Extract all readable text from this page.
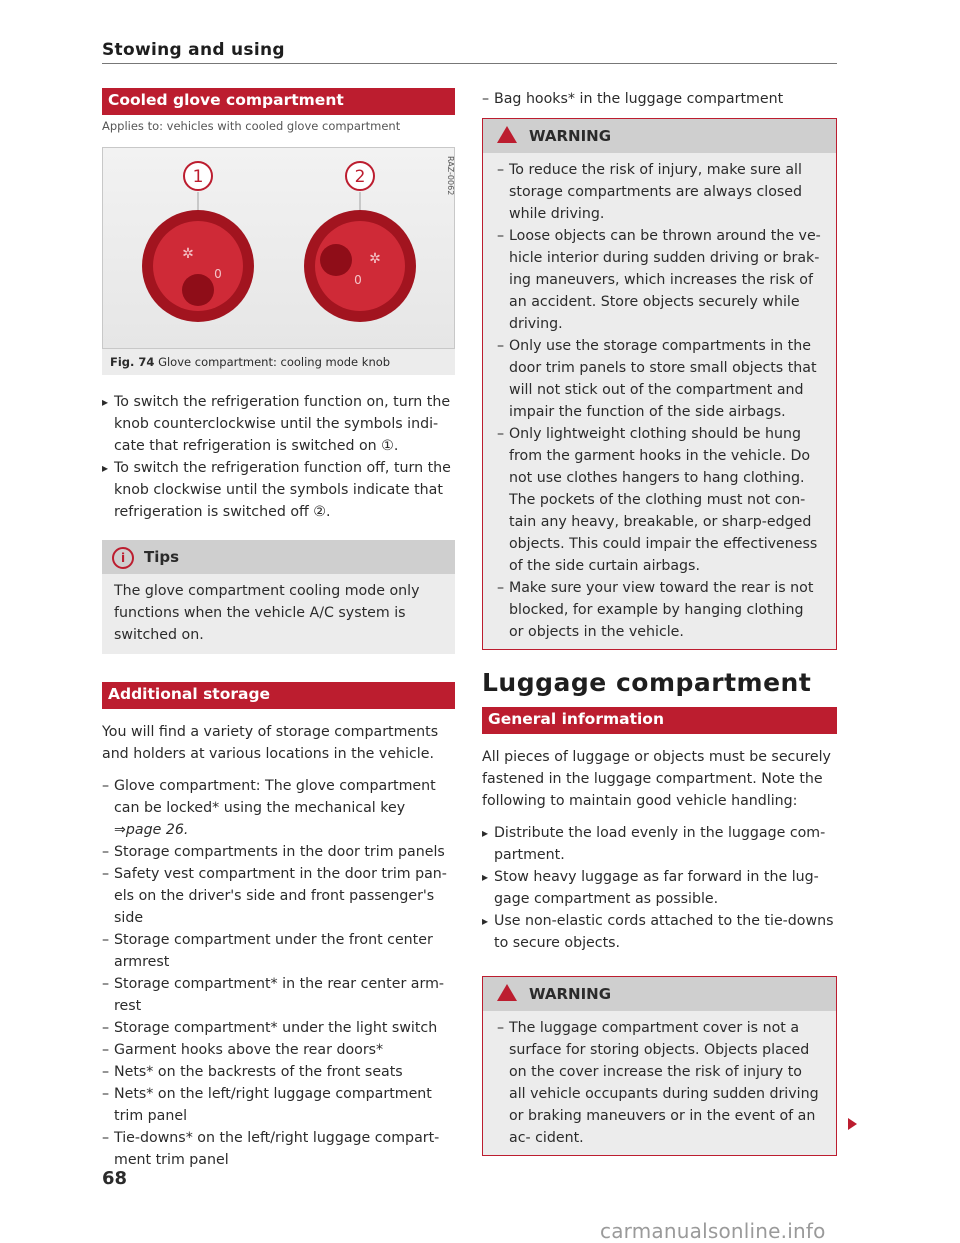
Stowing and using
Cooled glove compartment
Applies to: vehicles with cooled glove compartment
1	2
✲
0
✲
0
RAZ-0062
Fig. 74 Glove compartment: cooling mode knob
▸ To switch the refrigeration function on, turn the knob counterclockwise until the symbols indi- cate that refrigeration is switched on ①.
▸ To switch the refrigeration function off, turn the knob clockwise until the symbols indicate that refrigeration is switched off ②.
i Tips

The glove compartment cooling mode only functions when the vehicle A/C system is switched on.

Additional storage

You will find a variety of storage compartments and holders at various locations in the vehicle.

– Glove compartment: The glove compartment can be locked* using the mechanical key
⇒page 26.
– Storage compartments in the door trim panels
– Safety vest compartment in the door trim pan- els on the driver's side and front passenger's side
– Storage compartment under the front center armrest
– Storage compartment* in the rear center arm- rest
– Storage compartment* under the light switch
– Garment hooks above the rear doors*
– Nets* on the backrests of the front seats
– Nets* on the left/right luggage compartment trim panel
– Tie-downs* on the left/right luggage compart- ment trim panel
– Bag hooks* in the luggage compartment
WARNING
– To reduce the risk of injury, make sure all storage compartments are always closed while driving.
– Loose objects can be thrown around the ve- hicle interior during sudden driving or brak- ing maneuvers, which increases the risk of an accident. Store objects securely while driving.
– Only use the storage compartments in the door trim panels to store small objects that will not stick out of the compartment and impair the function of the side airbags.
– Only lightweight clothing should be hung from the garment hooks in the vehicle. Do not use clothes hangers to hang clothing. The pockets of the clothing must not con- tain any heavy, breakable, or sharp-edged objects. This could impair the effectiveness of the side curtain airbags.
– Make sure your view toward the rear is not blocked, for example by hanging clothing or objects in the vehicle.
Luggage compartment
General information

All pieces of luggage or objects must be securely fastened in the luggage compartment. Note the following to maintain good vehicle handling:

▸ Distribute the load evenly in the luggage com- partment.
▸ Stow heavy luggage as far forward in the lug- gage compartment as possible.
▸ Use non-elastic cords attached to the tie-downs to secure objects.
WARNING
– The luggage compartment cover is not a surface for storing objects. Objects placed on the cover increase the risk of injury to all vehicle occupants during sudden driving or braking maneuvers or in the event of an ac- cident.
68
carmanualsonline.info
